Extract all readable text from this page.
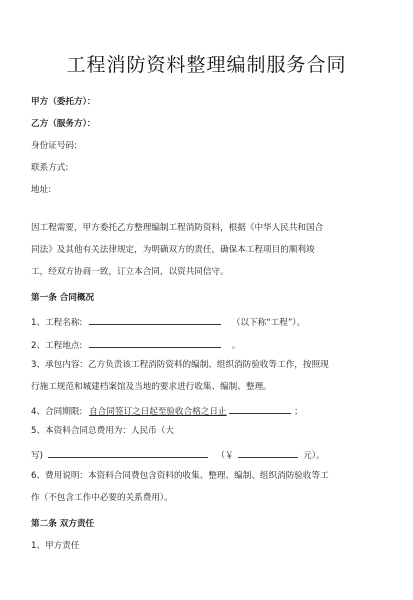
工程消防资料整理编制服务合同
甲方（委托方）：
乙方（服务方）：
身份证号码:
联系方式:
地址:
因工程需要，甲方委托乙方整理编制工程消防资料，根据《中华人民共和国合
同法》及其他有关法律规定，为明确双方的责任，确保本工程项目的顺利竣
工，经双方协商一致，订立本合同，以资共同信守。
第一条 合同概况
1、工程名称:	（以下称“工程”）。
2、工程地点:	。
3、承包内容：乙方负责该工程消防资料的编制、组织消防验收等工作，按照现
行施工规范和城建档案馆及当地的要求进行收集、编制、整理。
4、合同期限: 自合同签订之日起至验收合格之日止	；
5、本资料合同总费用为：人民币（大
写)	（￥	元）。
6、费用说明：本资料合同费包含资料的收集、整理、编制、组织消防验收等工
作（不包含工作中必要的关系费用）。
第二条 双方责任
1、甲方责任
